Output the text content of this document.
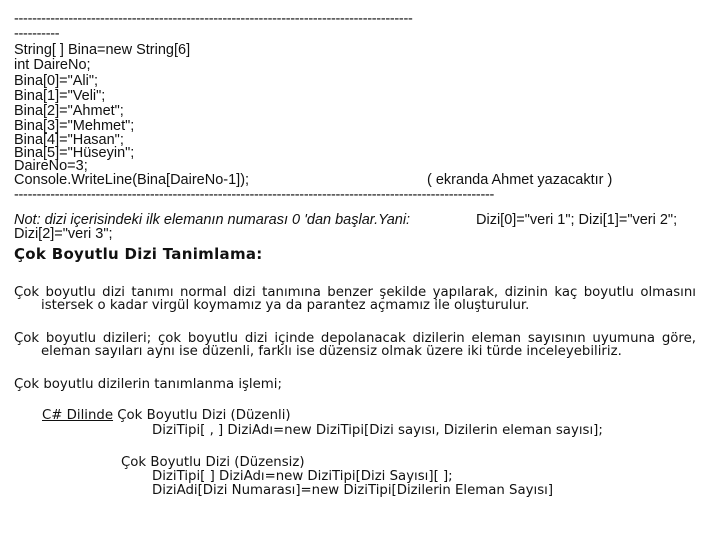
----------------------------------------------------------------------------------------
----------
String[ ] Bina=new String[6]
int DaireNo;
Bina[0]="Ali";
Bina[1]="Veli";
Bina[2]="Ahmet";
Bina[3]="Mehmet";
Bina[4]="Hasan";
Bina[5]="Hüseyin";
DaireNo=3;
Console.WriteLine(Bina[DaireNo-1]);	( ekranda Ahmet yazacaktır )
----------------------------------------------------------------------------------------------------------
Not: dizi içerisindeki ilk elemanın numarası 0 'dan başlar.Yani:	Dizi[0]="veri 1"; Dizi[1]="veri 2";
Dizi[2]="veri 3";
Çok Boyutlu Dizi Tanimlama:
Çok boyutlu dizi tanımı normal dizi tanımına benzer şekilde yapılarak, dizinin kaç boyutlu olmasını istersek o kadar virgül koymamız ya da parantez açmamız ile oluşturulur.
Çok boyutlu dizileri; çok boyutlu dizi içinde depolanacak dizilerin eleman sayısının uyumuna göre, eleman sayıları aynı ise düzenli, farklı ise düzensiz olmak üzere iki türde inceleyebiliriz.
Çok boyutlu dizilerin tanımlanma işlemi;
C# Dilinde Çok Boyutlu Dizi (Düzenli)
DiziTipi[ , ] DiziAdı=new DiziTipi[Dizi sayısı, Dizilerin eleman sayısı];
Çok Boyutlu Dizi (Düzensiz)
DiziTipi[ ] DiziAdı=new DiziTipi[Dizi Sayısı][ ];
DiziAdi[Dizi Numarası]=new DiziTipi[Dizilerin Eleman Sayısı]
